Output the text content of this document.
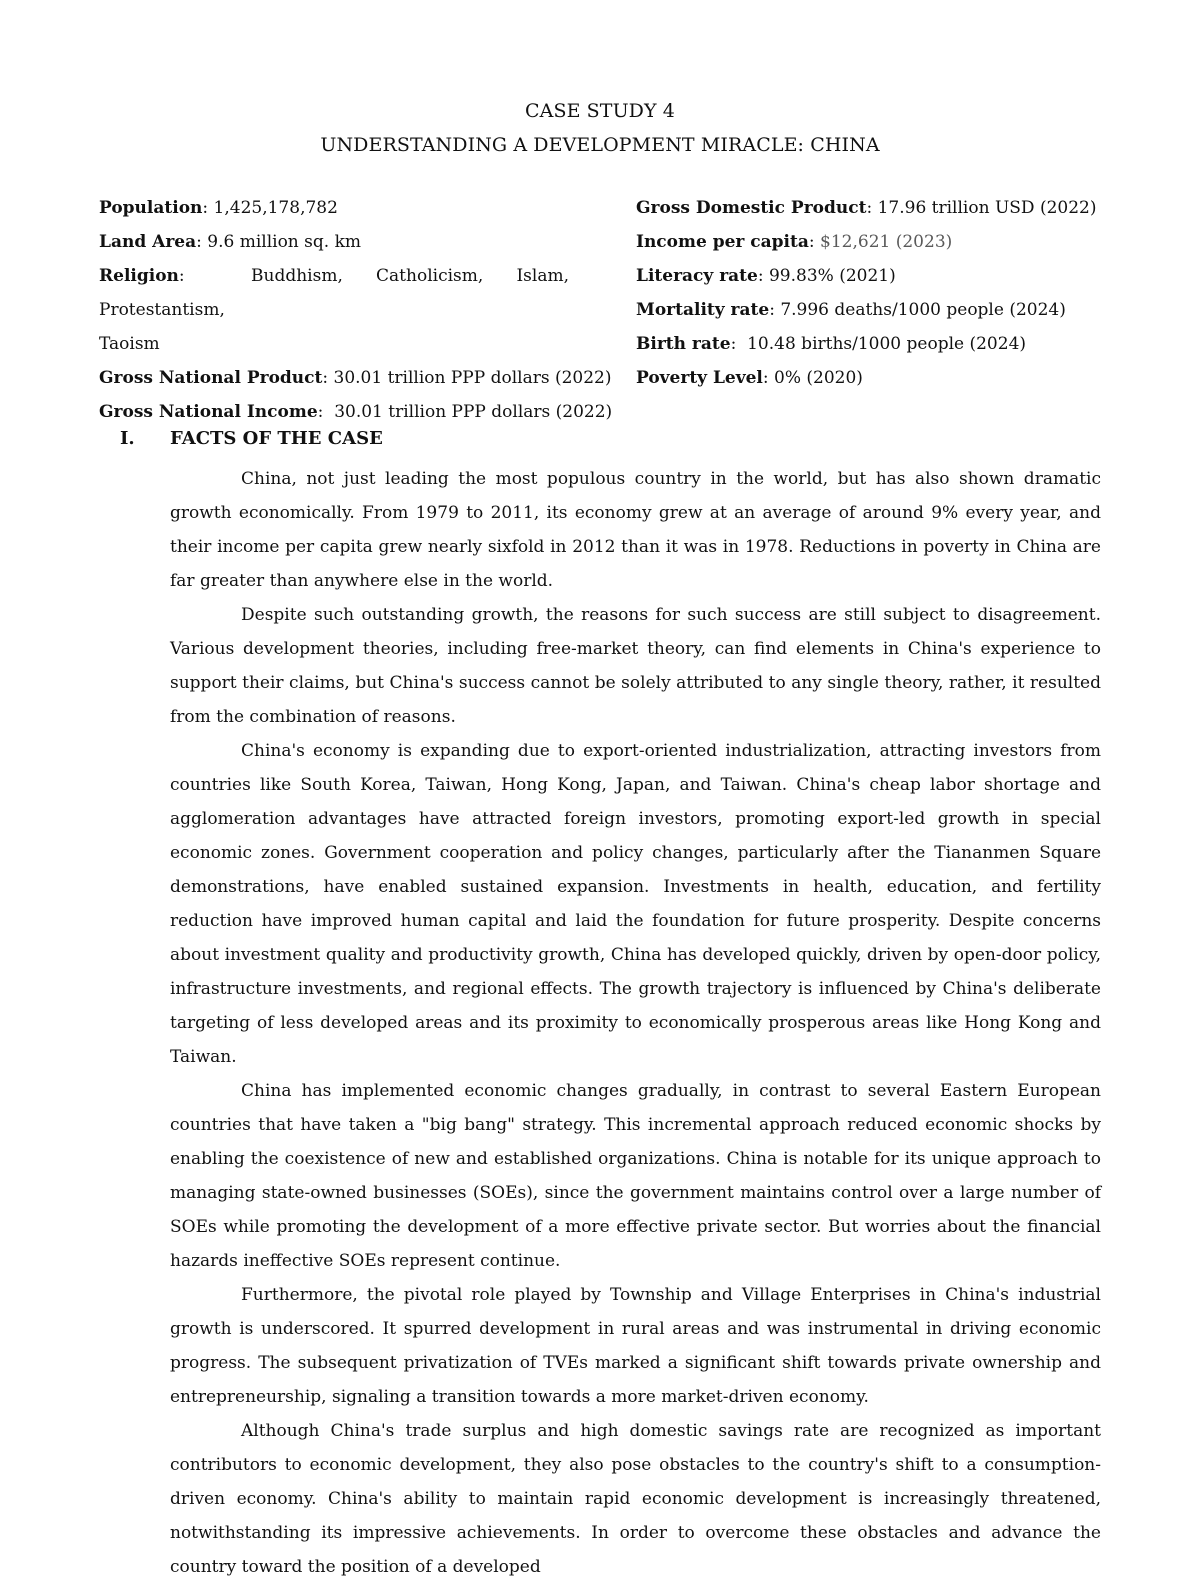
CASE STUDY 4
UNDERSTANDING A DEVELOPMENT MIRACLE: CHINA
Population: 1,425,178,782
Land Area: 9.6 million sq. km
Religion:  Buddhism, Catholicism, Islam, Protestantism,
Taoism
Gross National Product: 30.01 trillion PPP dollars (2022)
Gross National Income:  30.01 trillion PPP dollars (2022)
Gross Domestic Product: 17.96 trillion USD (2022)
Income per capita: $12,621 (2023)
Literacy rate: 99.83% (2021)
Mortality rate: 7.996 deaths/1000 people (2024)
Birth rate:  10.48 births/1000 people (2024)
Poverty Level: 0% (2020)
I. FACTS OF THE CASE

China, not just leading the most populous country in the world, but has also shown dramatic growth economically. From 1979 to 2011, its economy grew at an average of around 9% every year, and their income per capita grew nearly sixfold in 2012 than it was in 1978. Reductions in poverty in China are far greater than anywhere else in the world.

Despite such outstanding growth, the reasons for such success are still subject to disagreement. Various development theories, including free-market theory, can find elements in China's experience to support their claims, but China's success cannot be solely attributed to any single theory, rather, it resulted from the combination of reasons.

China's economy is expanding due to export-oriented industrialization, attracting investors from countries like South Korea, Taiwan, Hong Kong, Japan, and Taiwan. China's cheap labor shortage and agglomeration advantages have attracted foreign investors, promoting export-led growth in special economic zones. Government cooperation and policy changes, particularly after the Tiananmen Square demonstrations, have enabled sustained expansion. Investments in health, education, and fertility reduction have improved human capital and laid the foundation for future prosperity. Despite concerns about investment quality and productivity growth, China has developed quickly, driven by open-door policy, infrastructure investments, and regional effects. The growth trajectory is influenced by China's deliberate targeting of less developed areas and its proximity to economically prosperous areas like Hong Kong and Taiwan.

China has implemented economic changes gradually, in contrast to several Eastern European countries that have taken a "big bang" strategy. This incremental approach reduced economic shocks by enabling the coexistence of new and established organizations. China is notable for its unique approach to managing state-owned businesses (SOEs), since the government maintains control over a large number of SOEs while promoting the development of a more effective private sector. But worries about the financial hazards ineffective SOEs represent continue.

Furthermore, the pivotal role played by Township and Village Enterprises in China's industrial growth is underscored. It spurred development in rural areas and was instrumental in driving economic progress. The subsequent privatization of TVEs marked a significant shift towards private ownership and entrepreneurship, signaling a transition towards a more market-driven economy.

Although China's trade surplus and high domestic savings rate are recognized as important contributors to economic development, they also pose obstacles to the country's shift to a consumption-driven economy. China's ability to maintain rapid economic development is increasingly threatened, notwithstanding its impressive achievements. In order to overcome these obstacles and advance the country toward the position of a developed
